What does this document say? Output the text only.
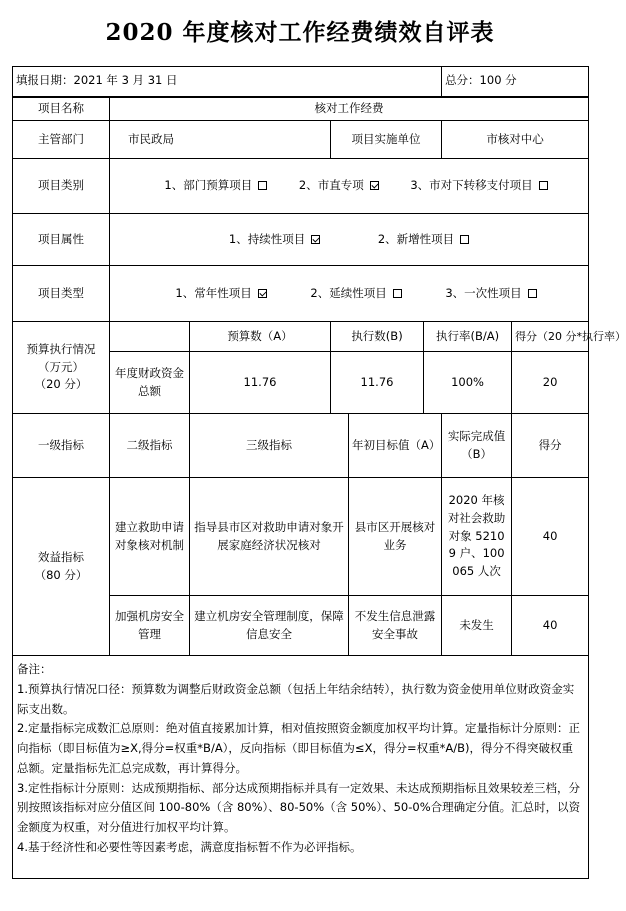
2020 年度核对工作经费绩效自评表
填报日期：2021 年 3 月 31 日						总分：100 分	
项目名称	核对工作经费						
主管部门	市民政局		项目实施单位			市核对中心	
项目类别	1、部门预算项目 2、市直专项 3、市对下转移支付项目						
项目属性	1、持续性项目 2、新增性项目						
项目类型	1、常年性项目 2、延续性项目 3、一次性项目						

预算执行情况
（万元）
（20 分）		预算数（A）	执行数(B)		执行率(B/A)		得分（20 分*执行率）
	年度财政资金总额	11.76	11.76		100%		20
一级指标	二级指标	三级指标		年初目标值（A）		实际完成值（B）	得分

效益指标
（80 分）	建立救助申请对象核对机制	指导县市区对救助申请对象开展家庭经济状况核对		县市区开展核对业务		2020 年核对社会救助对象 52109 户、100065 人次	40
	加强机房安全管理	建立机房安全管理制度，保障信息安全		不发生信息泄露安全事故		未发生	40

备注：
1.预算执行情况口径：预算数为调整后财政资金总额（包括上年结余结转），执行数为资金使用单位财政资金实际支出数。
2.定量指标完成数汇总原则：绝对值直接累加计算，相对值按照资金额度加权平均计算。定量指标计分原则：正向指标（即目标值为≥X,得分=权重*B/A），反向指标（即目标值为≤X，得分=权重*A/B)，得分不得突破权重总额。定量指标先汇总完成数，再计算得分。
3.定性指标计分原则：达成预期指标、部分达成预期指标并具有一定效果、未达成预期指标且效果较差三档，分别按照该指标对应分值区间 100-80%（含 80%）、80-50%（含 50%）、50-0%合理确定分值。汇总时，以资金额度为权重，对分值进行加权平均计算。
4.基于经济性和必要性等因素考虑，满意度指标暂不作为必评指标。							
